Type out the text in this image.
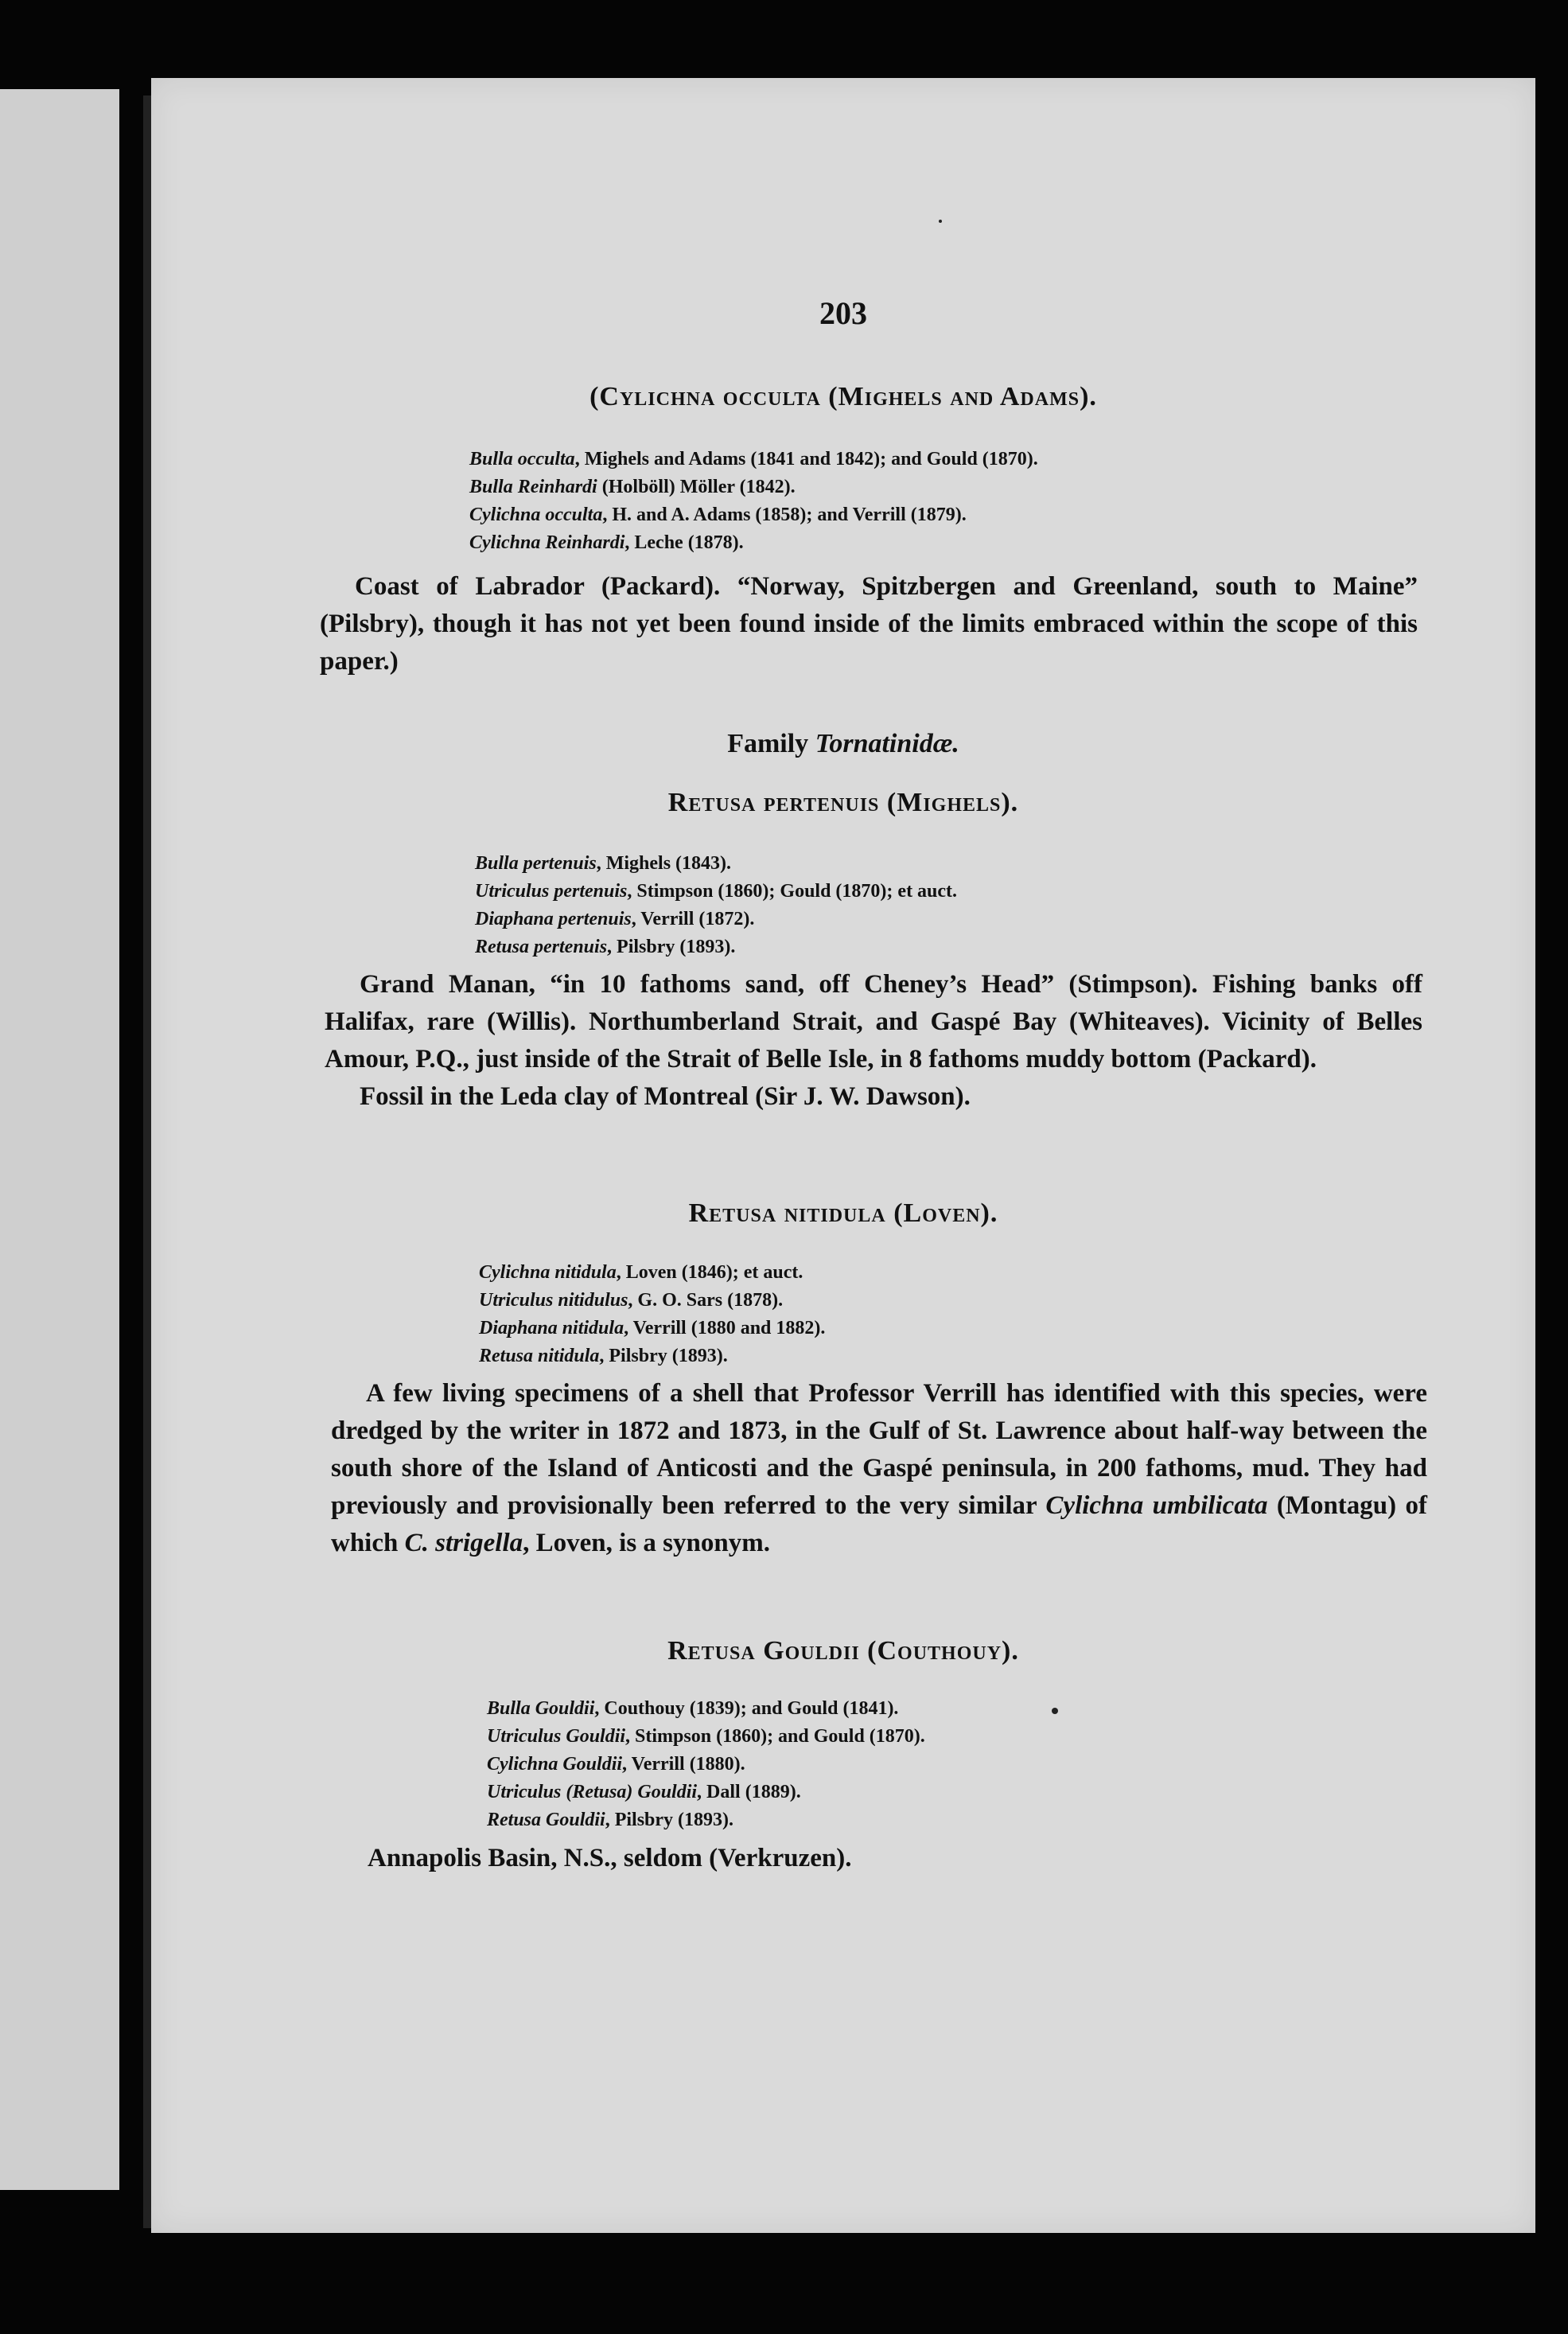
203
(Cylichna occulta (Mighels and Adams).
Bulla occulta, Mighels and Adams (1841 and 1842); and Gould (1870).
Bulla Reinhardi (Holböll) Möller (1842).
Cylichna occulta, H. and A. Adams (1858); and Verrill (1879).
Cylichna Reinhardi, Leche (1878).

Coast of Labrador (Packard). “Norway, Spitzbergen and Greenland, south to Maine” (Pilsbry), though it has not yet been found inside of the limits embraced within the scope of this paper.)

Family Tornatinidæ.
Retusa pertenuis (Mighels).
Bulla pertenuis, Mighels (1843).
Utriculus pertenuis, Stimpson (1860); Gould (1870); et auct.
Diaphana pertenuis, Verrill (1872).
Retusa pertenuis, Pilsbry (1893).

Grand Manan, “in 10 fathoms sand, off Cheney’s Head” (Stimpson). Fishing banks off Halifax, rare (Willis). Northumberland Strait, and Gaspé Bay (Whiteaves). Vicinity of Belles Amour, P.Q., just inside of the Strait of Belle Isle, in 8 fathoms muddy bottom (Packard).

Fossil in the Leda clay of Montreal (Sir J. W. Dawson).

Retusa nitidula (Loven).
Cylichna nitidula, Loven (1846); et auct.
Utriculus nitidulus, G. O. Sars (1878).
Diaphana nitidula, Verrill (1880 and 1882).
Retusa nitidula, Pilsbry (1893).

A few living specimens of a shell that Professor Verrill has identified with this species, were dredged by the writer in 1872 and 1873, in the Gulf of St. Lawrence about half-way between the south shore of the Island of Anticosti and the Gaspé peninsula, in 200 fathoms, mud. They had previously and provisionally been referred to the very similar Cylichna umbilicata (Montagu) of which C. strigella, Loven, is a synonym.

Retusa Gouldii (Couthouy).
Bulla Gouldii, Couthouy (1839); and Gould (1841).
Utriculus Gouldii, Stimpson (1860); and Gould (1870).
Cylichna Gouldii, Verrill (1880).
Utriculus (Retusa) Gouldii, Dall (1889).
Retusa Gouldii, Pilsbry (1893).

Annapolis Basin, N.S., seldom (Verkruzen).
